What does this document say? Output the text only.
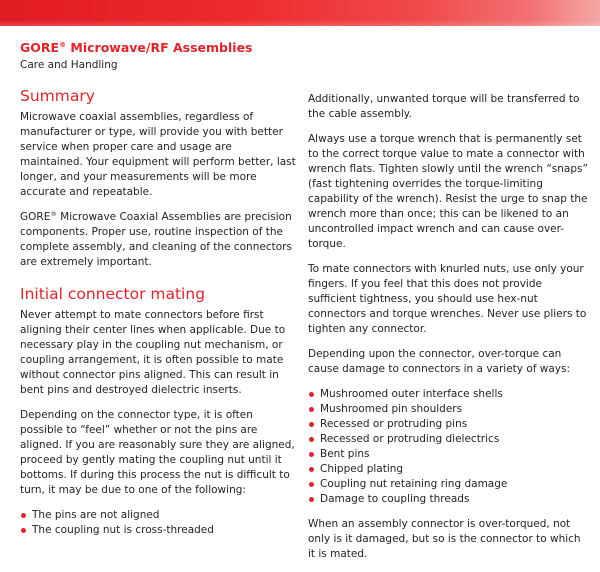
GORE® Microwave/RF Assemblies
Care and Handling
Summary

Microwave coaxial assemblies, regardless of manufacturer or type, will provide you with better service when proper care and usage are maintained. Your equipment will perform better, last longer, and your measurements will be more accurate and repeatable.

GORE® Microwave Coaxial Assemblies are precision components. Proper use, routine inspection of the complete assembly, and cleaning of the connectors are extremely important.

Initial connector mating

Never attempt to mate connectors before first aligning their center lines when applicable. Due to necessary play in the coupling nut mechanism, or coupling arrangement, it is often possible to mate without connector pins aligned. This can result in bent pins and destroyed dielectric inserts.

Depending on the connector type, it is often possible to “feel” whether or not the pins are aligned. If you are reasonably sure they are aligned, proceed by gently mating the coupling nut until it bottoms. If during this process the nut is difficult to turn, it may be due to one of the following:

The pins are not aligned
The coupling nut is cross-threaded

Additionally, unwanted torque will be transferred to the cable assembly.

Always use a torque wrench that is permanently set to the correct torque value to mate a connector with wrench flats. Tighten slowly until the wrench “snaps” (fast tightening overrides the torque-limiting capability of the wrench). Resist the urge to snap the wrench more than once; this can be likened to an uncontrolled impact wrench and can cause over-torque.

To mate connectors with knurled nuts, use only your fingers. If you feel that this does not provide sufficient tightness, you should use hex-nut connectors and torque wrenches. Never use pliers to tighten any connector.

Depending upon the connector, over-torque can cause damage to connectors in a variety of ways:

Mushroomed outer interface shells
Mushroomed pin shoulders
Recessed or protruding pins
Recessed or protruding dielectrics
Bent pins
Chipped plating
Coupling nut retaining ring damage
Damage to coupling threads

When an assembly connector is over-torqued, not only is it damaged, but so is the connector to which it is mated.
